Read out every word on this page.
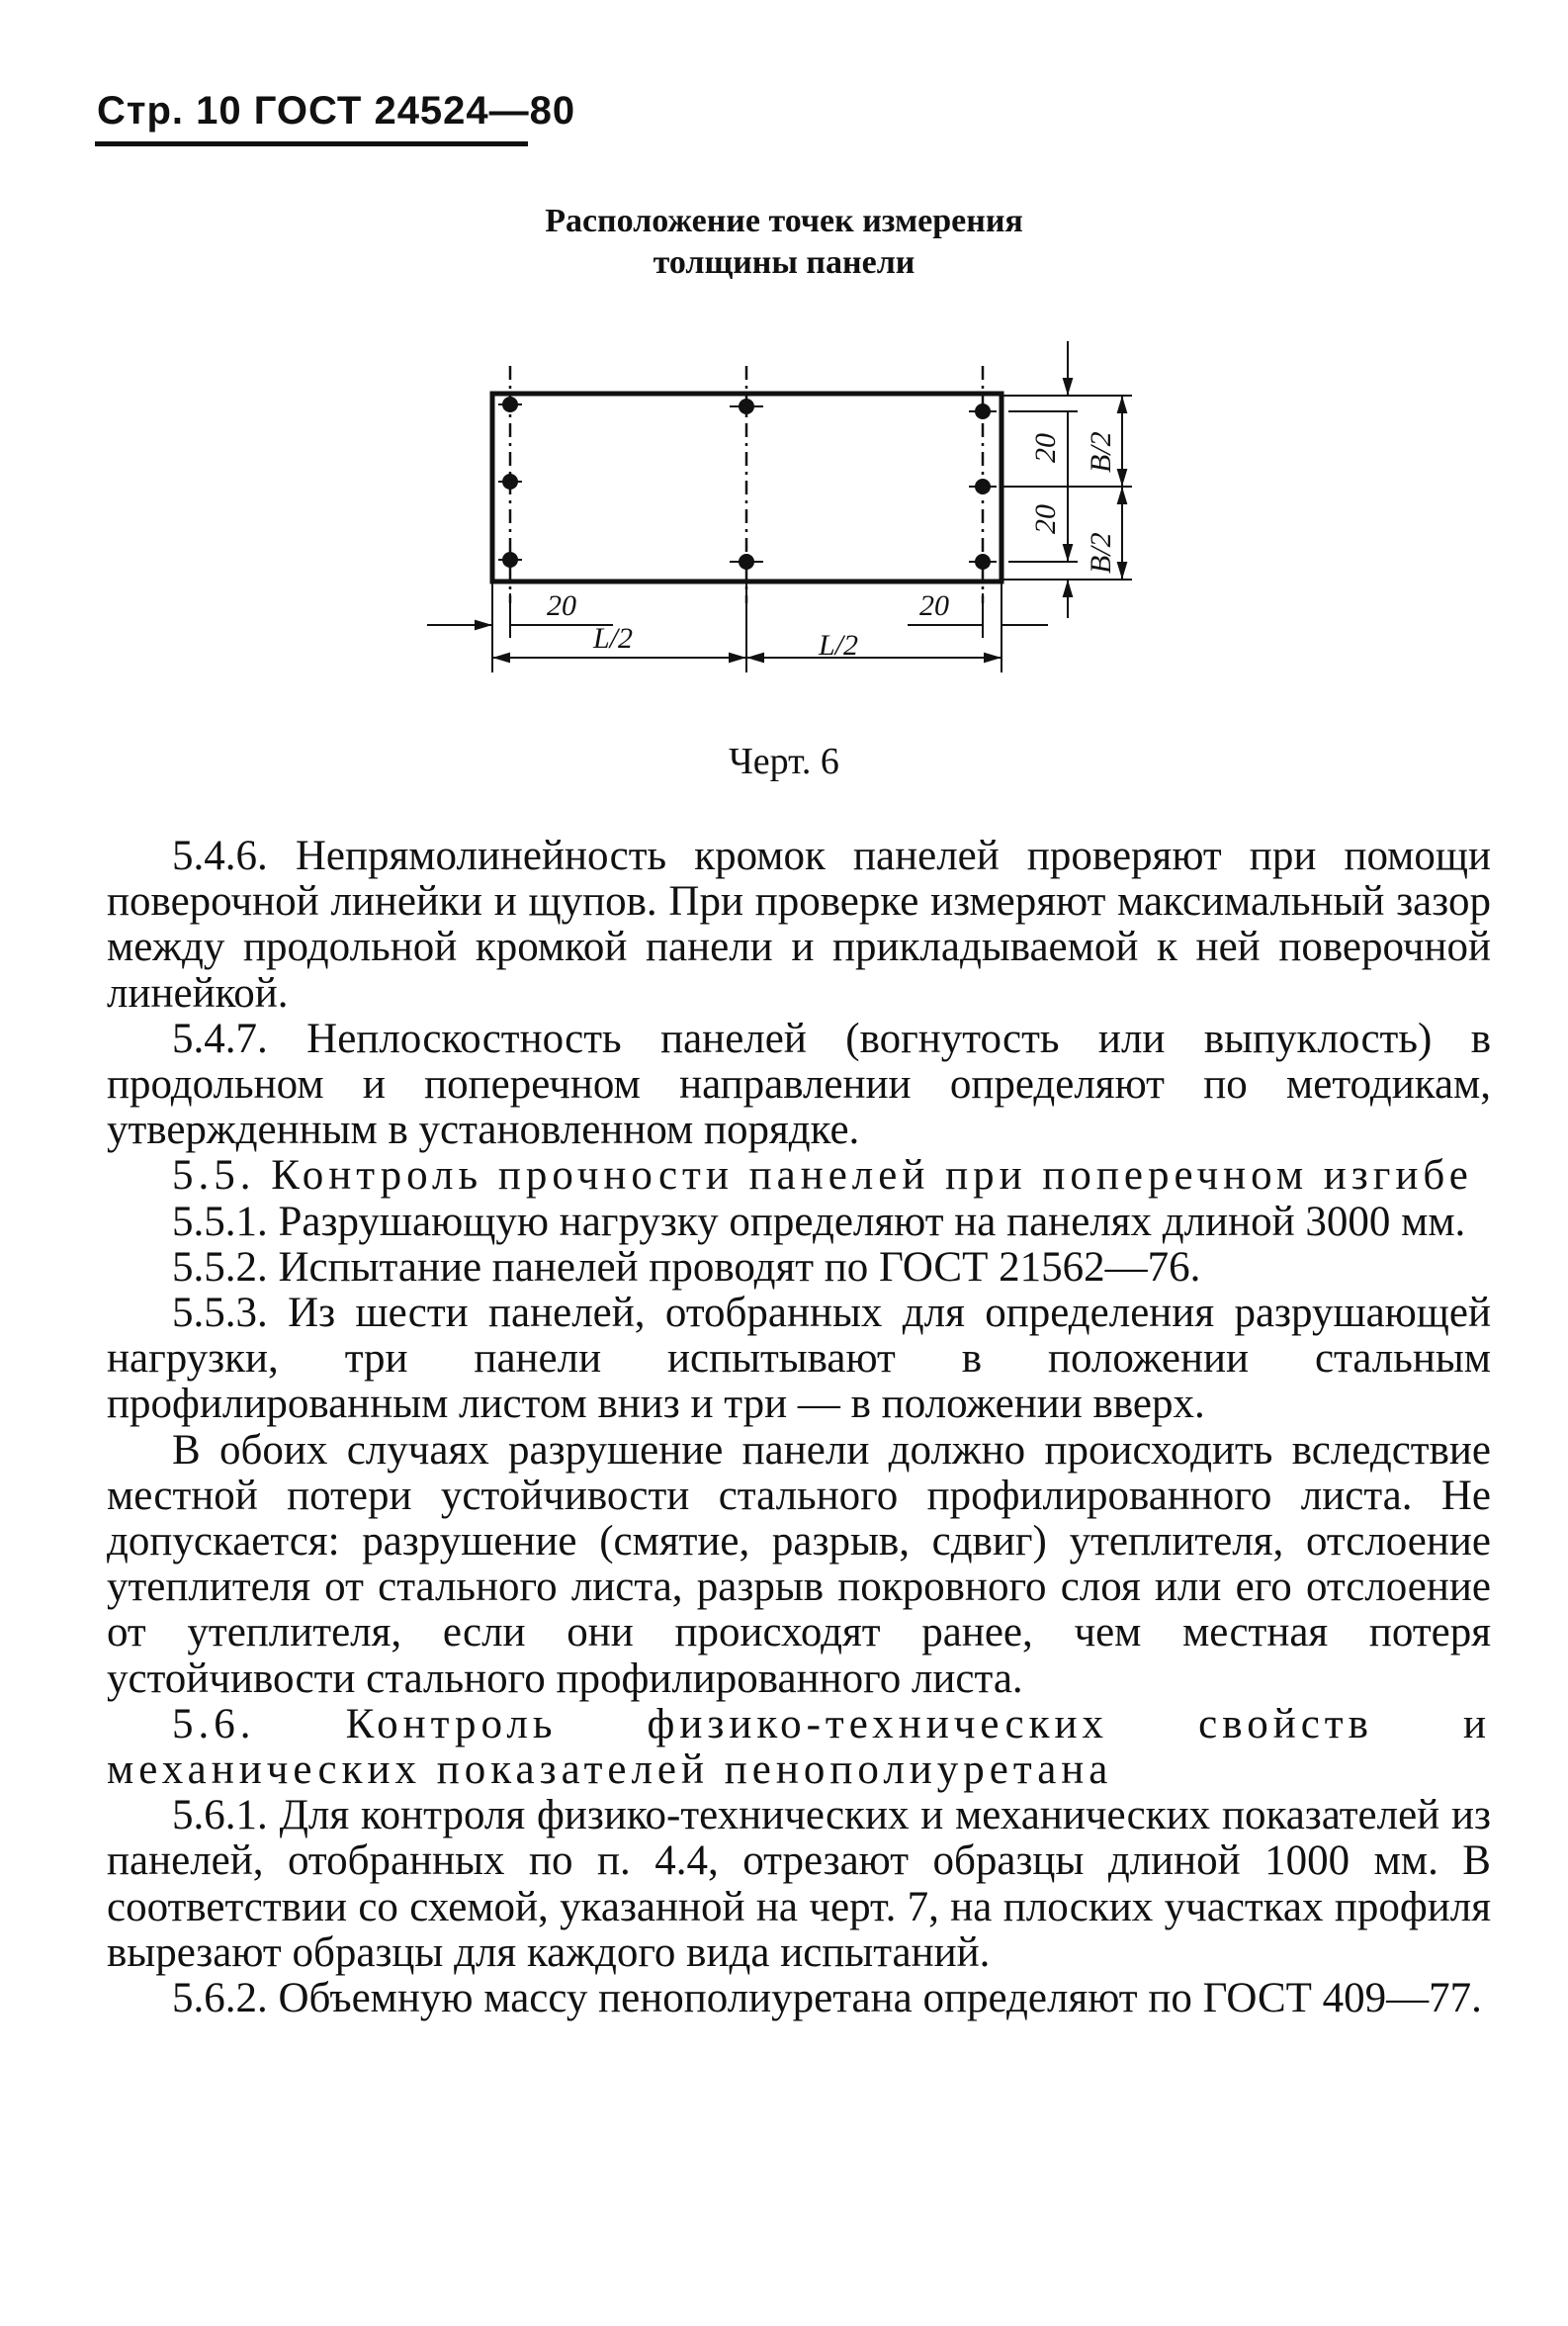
Стр. 10 ГОСТ 24524—80
Расположение точек измерения
толщины панели
20	20
L/2	L/2
20
20
B/2
B/2
Черт. 6

5.4.6. Непрямолинейность кромок панелей проверяют при помощи поверочной линейки и щупов. При проверке измеряют максимальный зазор между продольной кромкой панели и прикладываемой к ней поверочной линейкой.

5.4.7. Неплоскостность панелей (вогнутость или выпуклость) в продольном и поперечном направлении определяют по методикам, утвержденным в установленном порядке.

5.5. Контроль прочности панелей при поперечном изгибе

5.5.1. Разрушающую нагрузку определяют на панелях длиной 3000 мм.

5.5.2. Испытание панелей проводят по ГОСТ 21562—76.

5.5.3. Из шести панелей, отобранных для определения разрушающей нагрузки, три панели испытывают в положении стальным профилированным листом вниз и три — в положении вверх.

В обоих случаях разрушение панели должно происходить вследствие местной потери устойчивости стального профилированного листа. Не допускается: разрушение (смятие, разрыв, сдвиг) утеплителя, отслоение утеплителя от стального листа, разрыв покровного слоя или его отслоение от утеплителя, если они происходят ранее, чем местная потеря устойчивости стального профилированного листа.

5.6. Контроль физико-технических свойств и механических показателей пенополиуретана

5.6.1. Для контроля физико-технических и механических показателей из панелей, отобранных по п. 4.4, отрезают образцы длиной 1000 мм. В соответствии со схемой, указанной на черт. 7, на плоских участках профиля вырезают образцы для каждого вида испытаний.

5.6.2. Объемную массу пенополиуретана определяют по ГОСТ 409—77.
